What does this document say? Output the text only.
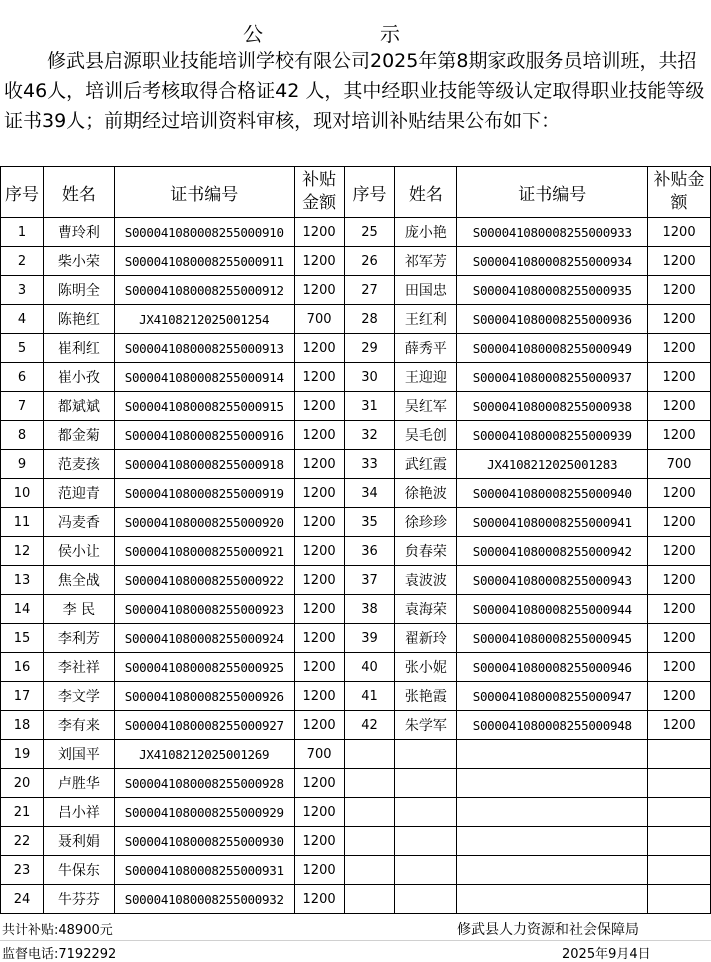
公	示
修武县启源职业技能培训学校有限公司2025年第8期家政服务员培训班，共招收46人，培训后考核取得合格证42 人，其中经职业技能等级认定取得职业技能等级证书39人；前期经过培训资料审核，现对培训补贴结果公布如下：
序号	姓名	证书编号	补贴金额	序号	姓名	证书编号	补贴金额
1	曹玲利	S000041080008255000910	1200	25	庞小艳	S000041080008255000933	1200
2	柴小荣	S000041080008255000911	1200	26	祁军芳	S000041080008255000934	1200
3	陈明全	S000041080008255000912	1200	27	田国忠	S000041080008255000935	1200
4	陈艳红	JX4108212025001254	700	28	王红利	S000041080008255000936	1200
5	崔利红	S000041080008255000913	1200	29	薛秀平	S000041080008255000949	1200
6	崔小孜	S000041080008255000914	1200	30	王迎迎	S000041080008255000937	1200
7	都斌斌	S000041080008255000915	1200	31	吴红军	S000041080008255000938	1200
8	都金菊	S000041080008255000916	1200	32	吴毛创	S000041080008255000939	1200
9	范麦孩	S000041080008255000918	1200	33	武红霞	JX4108212025001283	700
10	范迎青	S000041080008255000919	1200	34	徐艳波	S000041080008255000940	1200
11	冯麦香	S000041080008255000920	1200	35	徐珍珍	S000041080008255000941	1200
12	侯小让	S000041080008255000921	1200	36	贠春荣	S000041080008255000942	1200
13	焦全战	S000041080008255000922	1200	37	袁波波	S000041080008255000943	1200
14	李 民	S000041080008255000923	1200	38	袁海荣	S000041080008255000944	1200
15	李利芳	S000041080008255000924	1200	39	翟新玲	S000041080008255000945	1200
16	李社祥	S000041080008255000925	1200	40	张小妮	S000041080008255000946	1200
17	李文学	S000041080008255000926	1200	41	张艳霞	S000041080008255000947	1200
18	李有来	S000041080008255000927	1200	42	朱学军	S000041080008255000948	1200
19	刘国平	JX4108212025001269	700				
20	卢胜华	S000041080008255000928	1200				
21	吕小祥	S000041080008255000929	1200				
22	聂利娟	S000041080008255000930	1200				
23	牛保东	S000041080008255000931	1200				
24	牛芬芬	S000041080008255000932	1200				
共计补贴:48900元	修武县人力资源和社会保障局
监督电话:7192292	2025年9月4日
